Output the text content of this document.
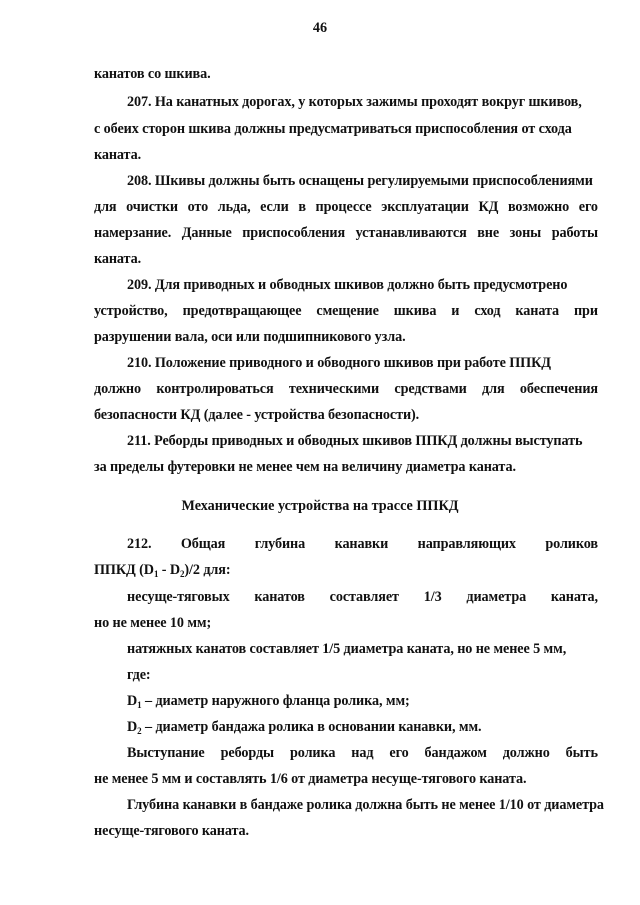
46
канатов со шкива.
207. На канатных дорогах, у которых зажимы проходят вокруг шкивов,
с обеих сторон шкива должны предусматриваться приспособления от схода
каната.
208. Шкивы должны быть оснащены регулируемыми приспособлениями
для очистки ото льда, если в процессе эксплуатации КД возможно его
намерзание. Данные приспособления устанавливаются вне зоны работы
каната.
209. Для приводных и обводных шкивов должно быть предусмотрено
устройство, предотвращающее смещение шкива и сход каната при
разрушении вала, оси или подшипникового узла.
210. Положение приводного и обводного шкивов при работе ППКД
должно контролироваться техническими средствами для обеспечения
безопасности КД (далее - устройства безопасности).
211. Реборды приводных и обводных шкивов ППКД должны выступать
за пределы футеровки не менее чем на величину диаметра каната.
Механические устройства на трассе ППКД
212. Общая глубина канавки направляющих роликов
ППКД $(D_1 - D_2)/2$ для:
несуще-тяговых канатов составляет 1/3 диаметра каната,
но не менее 10 мм;
натяжных канатов составляет 1/5 диаметра каната, но не менее 5 мм,
где:
$D_1$ – диаметр наружного фланца ролика, мм;
$D_2$ – диаметр бандажа ролика в основании канавки, мм.
Выступание реборды ролика над его бандажом должно быть
не менее 5 мм и составлять 1/6 от диаметра несуще-тягового каната.
Глубина канавки в бандаже ролика должна быть не менее 1/10 от диаметра
несуще-тягового каната.
